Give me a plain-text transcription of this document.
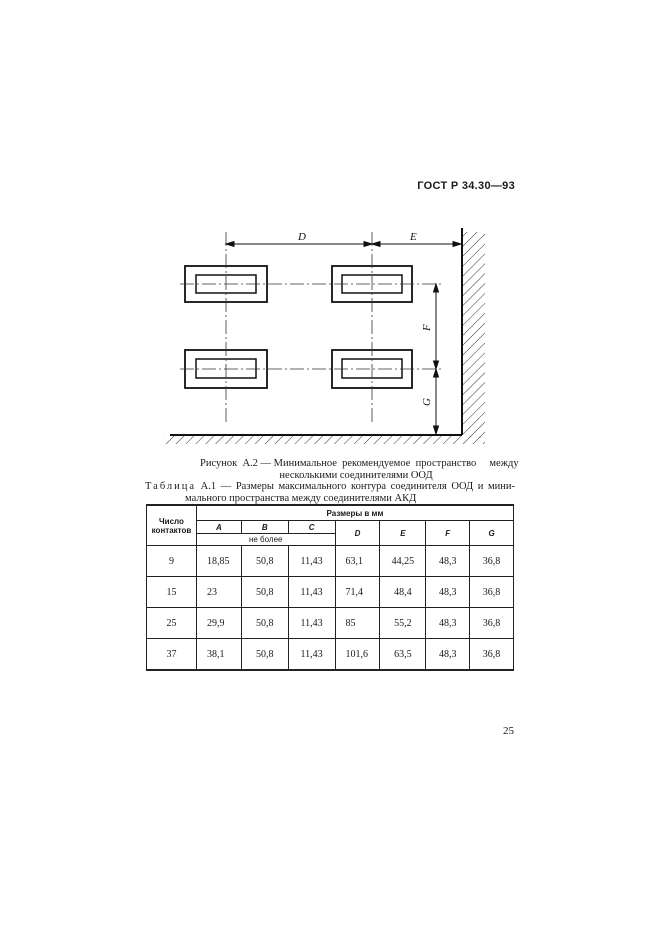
ГОСТ Р 34.30—93
D	E
F
G
Рисунок  А.2 — Минимальное  рекомендуемое  пространство     между
несколькими соединителями ООД
Таблица А.1 — Размеры максимального контура соединителя ООД и мини-
мального пространства между соединителями АКД
Число контактов	Размеры в мм						
	A	B	C	D	E	F	G
	не более						
9	18,85	50,8	11,43	63,1	44,25	48,3	36,8
15	23	50,8	11,43	71,4	48,4	48,3	36,8
25	29,9	50,8	11,43	85	55,2	48,3	36,8
37	38,1	50,8	11,43	101,6	63,5	48,3	36,8
25
